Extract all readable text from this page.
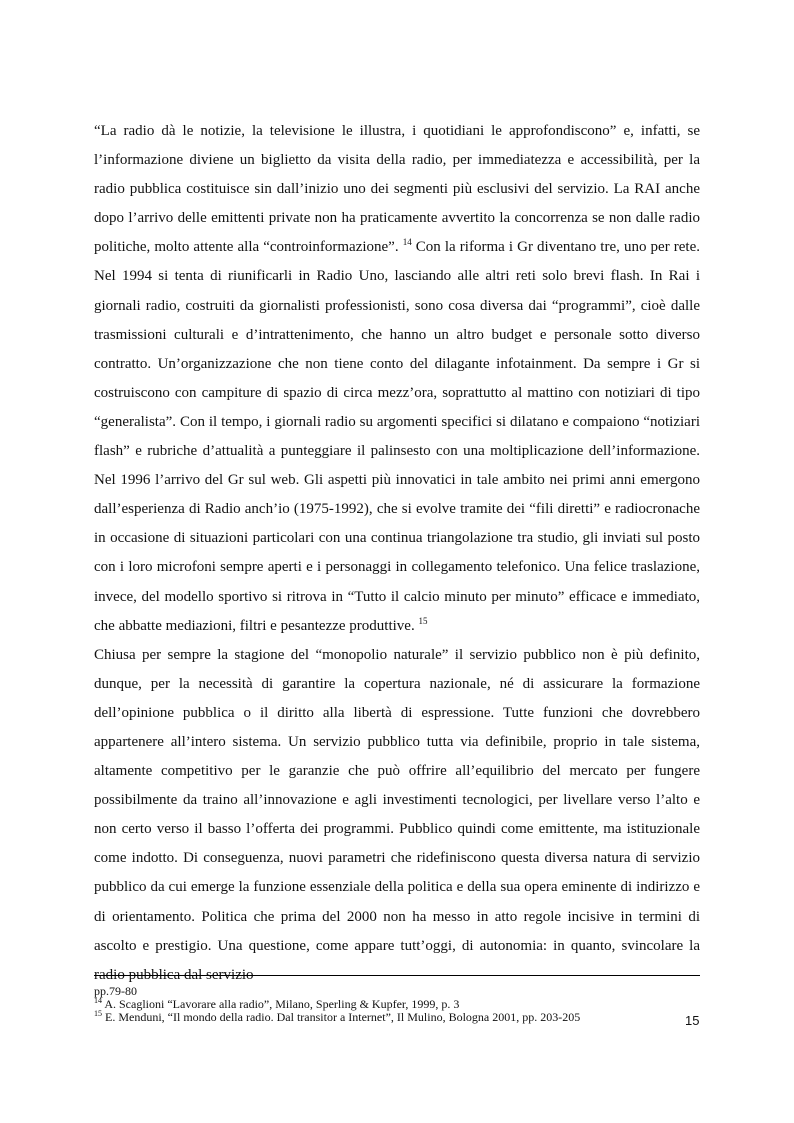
“La radio dà le notizie, la televisione le illustra, i quotidiani le approfondiscono” e, infatti, se l’informazione diviene un biglietto da visita della radio, per immediatezza e accessibilità, per la radio pubblica costituisce sin dall’inizio uno dei segmenti più esclusivi del servizio. La RAI anche dopo l’arrivo delle emittenti private non ha praticamente avvertito la concorrenza se non dalle radio politiche, molto attente alla “controinformazione”. $^{14}$ Con la riforma i Gr diventano tre, uno per rete. Nel 1994 si tenta di riunificarli in Radio Uno, lasciando alle altri reti solo brevi flash. In Rai i giornali radio, costruiti da giornalisti professionisti, sono cosa diversa dai “programmi”, cioè dalle trasmissioni culturali e d’intrattenimento, che hanno un altro budget e personale sotto diverso contratto. Un’organizzazione che non tiene conto del dilagante infotainment. Da sempre i Gr si costruiscono con campiture di spazio di circa mezz’ora, soprattutto al mattino con notiziari di tipo “generalista”. Con il tempo, i giornali radio su argomenti specifici si dilatano e compaiono “notiziari flash” e rubriche d’attualità a punteggiare il palinsesto con una moltiplicazione dell’informazione. Nel 1996 l’arrivo del Gr sul web. Gli aspetti più innovatici in tale ambito nei primi anni emergono dall’esperienza di Radio anch’io (1975-1992), che si evolve tramite dei “fili diretti” e radiocronache in occasione di situazioni particolari con una continua triangolazione tra studio, gli inviati sul posto con i loro microfoni sempre aperti e i personaggi in collegamento telefonico. Una felice traslazione, invece, del modello sportivo si ritrova in “Tutto il calcio minuto per minuto” efficace e immediato, che abbatte mediazioni, filtri e pesantezze produttive. $^{15}$

Chiusa per sempre la stagione del “monopolio naturale” il servizio pubblico non è più definito, dunque, per la necessità di garantire la copertura nazionale, né di assicurare la formazione dell’opinione pubblica o il diritto alla libertà di espressione. Tutte funzioni che dovrebbero appartenere all’intero sistema. Un servizio pubblico tutta via definibile, proprio in tale sistema, altamente competitivo per le garanzie che può offrire all’equilibrio del mercato per fungere possibilmente da traino all’innovazione e agli investimenti tecnologici, per livellare verso l’alto e non certo verso il basso l’offerta dei programmi. Pubblico quindi come emittente, ma istituzionale come indotto. Di conseguenza, nuovi parametri che ridefiniscono questa diversa natura di servizio pubblico da cui emerge la funzione essenziale della politica e della sua opera eminente di indirizzo e di orientamento. Politica che prima del 2000 non ha messo in atto regole incisive in termini di ascolto e prestigio. Una questione, come appare tutt’oggi, di autonomia: in quanto, svincolare la radio pubblica dal servizio

pp.79-80

$^{14}$ A. Scaglioni “Lavorare alla radio”, Milano, Sperling & Kupfer, 1999, p. 3

$^{15}$ E. Menduni, “Il mondo della radio. Dal transitor a Internet”, Il Mulino, Bologna 2001, pp. 203-205	15
